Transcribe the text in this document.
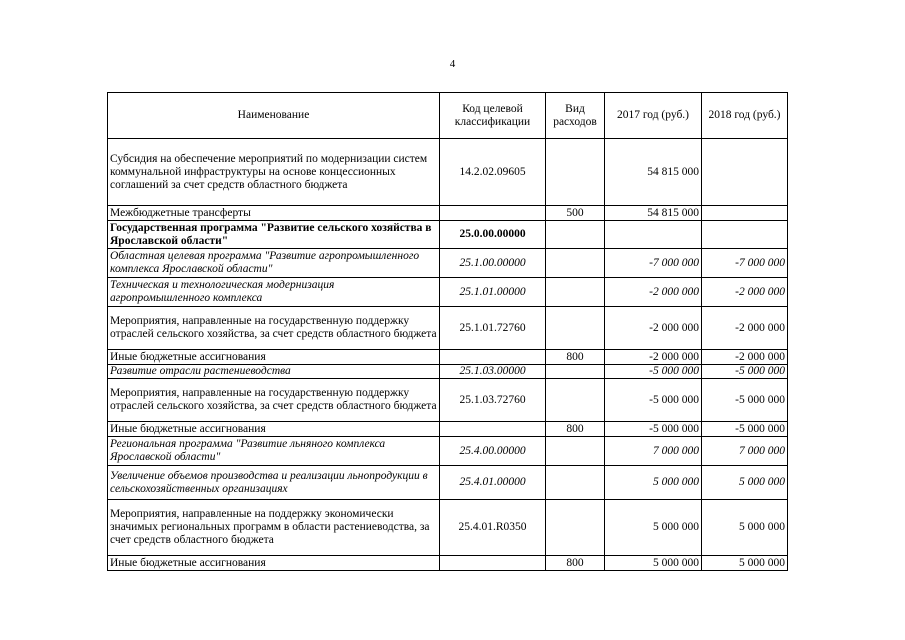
4
Наименование	Код целевой классификации	Вид расходов	2017 год (руб.)	2018 год (руб.)
Субсидия на обеспечение мероприятий по модернизации систем коммунальной инфраструктуры на основе концессионных соглашений за счет средств областного бюджета	14.2.02.09605		54 815 000	
Межбюджетные трансферты		500	54 815 000	
Государственная программа "Развитие сельского хозяйства в Ярославской области"	25.0.00.00000			
Областная целевая программа "Развитие агропромышленного комплекса Ярославской области"	25.1.00.00000		-7 000 000	-7 000 000
Техническая и технологическая модернизация агропромышленного комплекса	25.1.01.00000		-2 000 000	-2 000 000
Мероприятия, направленные на государственную поддержку отраслей сельского хозяйства, за счет средств областного бюджета	25.1.01.72760		-2 000 000	-2 000 000
Иные бюджетные ассигнования		800	-2 000 000	-2 000 000
Развитие отрасли растениеводства	25.1.03.00000		-5 000 000	-5 000 000
Мероприятия, направленные на государственную поддержку отраслей сельского хозяйства, за счет средств областного бюджета	25.1.03.72760		-5 000 000	-5 000 000
Иные бюджетные ассигнования		800	-5 000 000	-5 000 000
Региональная программа "Развитие льняного комплекса Ярославской области"	25.4.00.00000		7 000 000	7 000 000
Увеличение объемов производства и реализации льнопродукции в сельскохозяйственных организациях	25.4.01.00000		5 000 000	5 000 000
Мероприятия, направленные на поддержку экономически значимых региональных программ в области растениеводства, за счет средств областного бюджета	25.4.01.R0350		5 000 000	5 000 000
Иные бюджетные ассигнования		800	5 000 000	5 000 000
